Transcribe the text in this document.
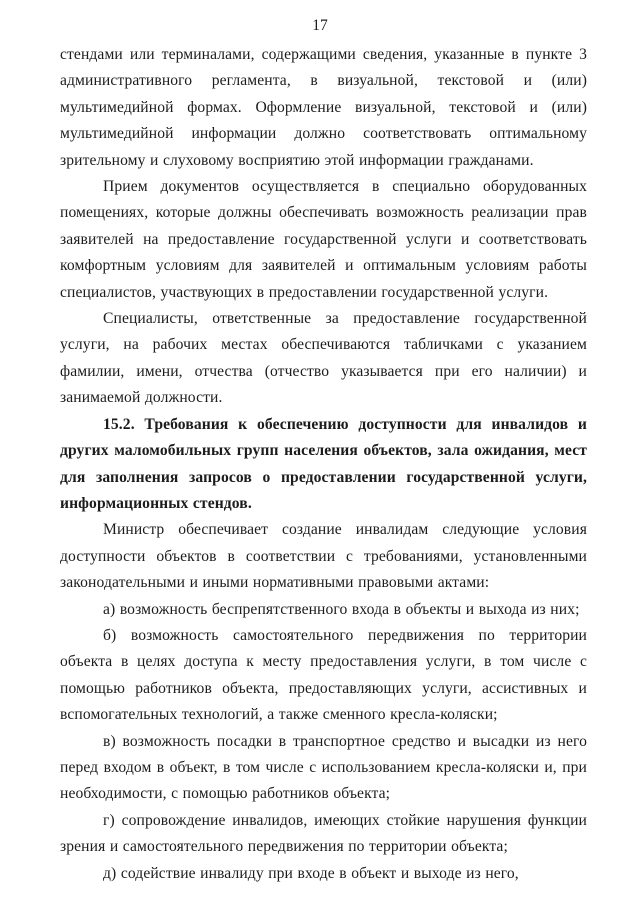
17

стендами или терминалами, содержащими сведения, указанные в пункте 3 административного регламента, в визуальной, текстовой и (или) мультимедийной формах. Оформление визуальной, текстовой и (или) мультимедийной информации должно соответствовать оптимальному зрительному и слуховому восприятию этой информации гражданами.

Прием документов осуществляется в специально оборудованных помещениях, которые должны обеспечивать возможность реализации прав заявителей на предоставление государственной услуги и соответствовать комфортным условиям для заявителей и оптимальным условиям работы специалистов, участвующих в предоставлении государственной услуги.

Специалисты, ответственные за предоставление государственной услуги, на рабочих местах обеспечиваются табличками с указанием фамилии, имени, отчества (отчество указывается при его наличии) и занимаемой должности.

15.2. Требования к обеспечению доступности для инвалидов и других маломобильных групп населения объектов, зала ожидания, мест для заполнения запросов о предоставлении государственной услуги, информационных стендов.

Министр обеспечивает создание инвалидам следующие условия доступности объектов в соответствии с требованиями, установленными законодательными и иными нормативными правовыми актами:

а) возможность беспрепятственного входа в объекты и выхода из них;

б) возможность самостоятельного передвижения по территории объекта в целях доступа к месту предоставления услуги, в том числе с помощью работников объекта, предоставляющих услуги, ассистивных и вспомогательных технологий, а также сменного кресла-коляски;

в) возможность посадки в транспортное средство и высадки из него перед входом в объект, в том числе с использованием кресла-коляски и, при необходимости, с помощью работников объекта;

г) сопровождение инвалидов, имеющих стойкие нарушения функции зрения и самостоятельного передвижения по территории объекта;

д) содействие инвалиду при входе в объект и выходе из него,
